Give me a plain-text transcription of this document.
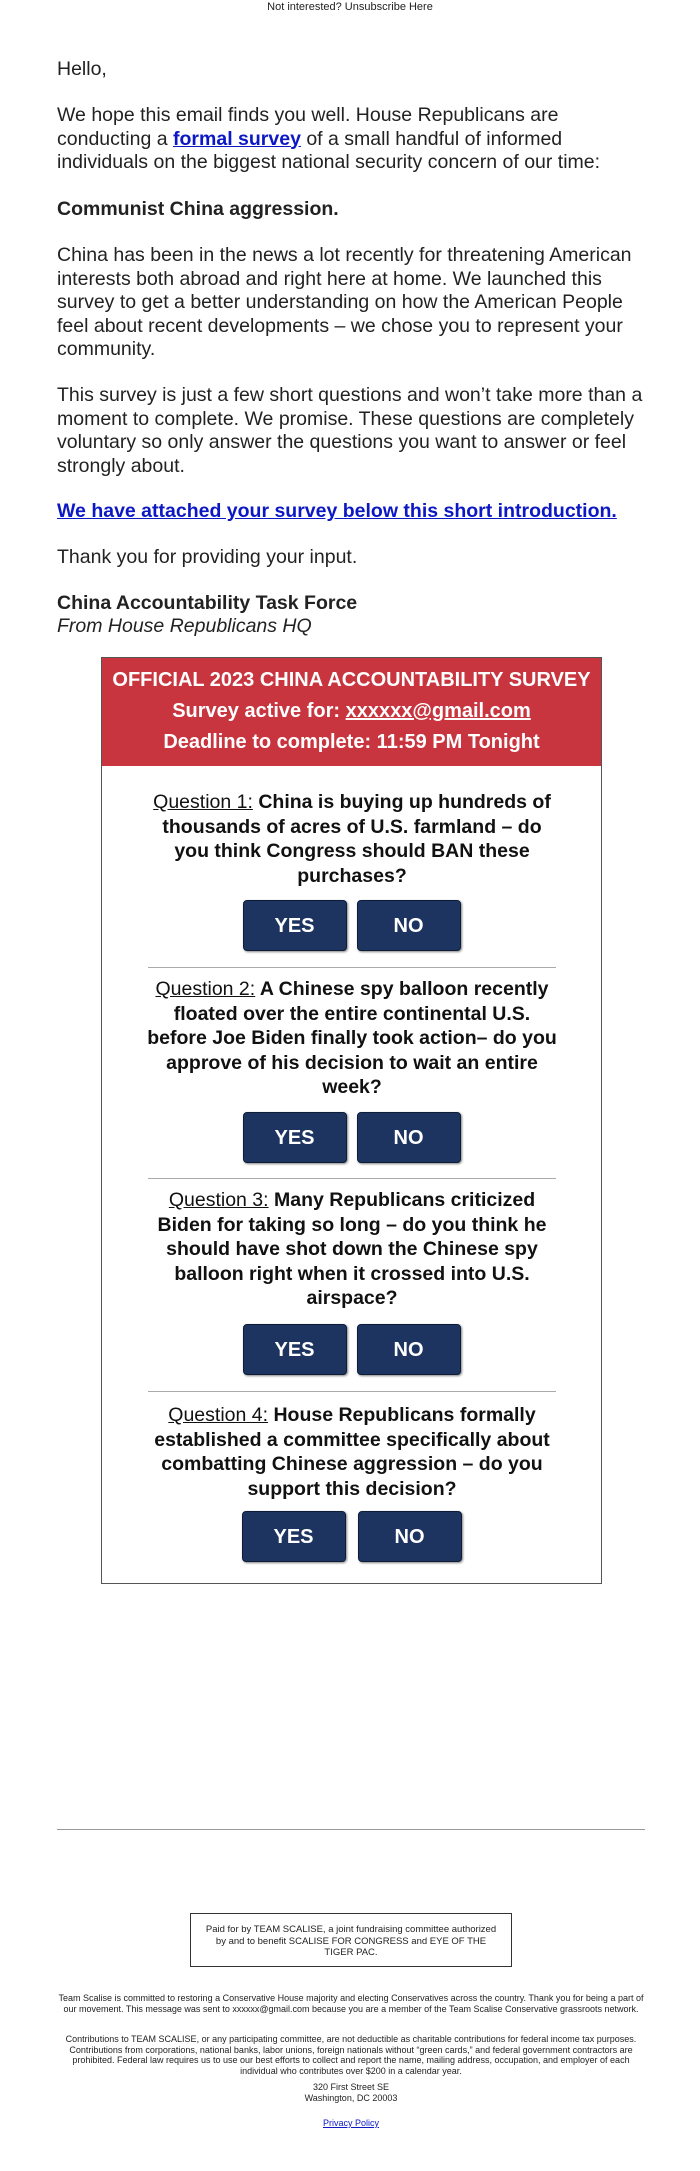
Not interested? Unsubscribe Here

Hello,

We hope this email finds you well. House Republicans are conducting a formal survey of a small handful of informed individuals on the biggest national security concern of our time:

Communist China aggression.

China has been in the news a lot recently for threatening American interests both abroad and right here at home. We launched this survey to get a better understanding on how the American People feel about recent developments – we chose you to represent your community.

This survey is just a few short questions and won’t take more than a moment to complete. We promise. These questions are completely voluntary so only answer the questions you want to answer or feel strongly about.

We have attached your survey below this short introduction.

Thank you for providing your input.

China Accountability Task Force

From House Republicans HQ

OFFICIAL 2023 CHINA ACCOUNTABILITY SURVEY
Survey active for: xxxxxx@gmail.com
Deadline to complete: 11:59 PM Tonight
Question 1: China is buying up hundreds of thousands of acres of U.S. farmland – do you think Congress should BAN these purchases?
YES	NO
Question 2: A Chinese spy balloon recently floated over the entire continental U.S. before Joe Biden finally took action– do you approve of his decision to wait an entire week?
YES	NO
Question 3: Many Republicans criticized Biden for taking so long – do you think he should have shot down the Chinese spy balloon right when it crossed into U.S. airspace?
YES	NO
Question 4: House Republicans formally established a committee specifically about combatting Chinese aggression – do you support this decision?
YES	NO
Paid for by TEAM SCALISE, a joint fundraising committee authorized by and to benefit SCALISE FOR CONGRESS and EYE OF THE TIGER PAC.
Team Scalise is committed to restoring a Conservative House majority and electing Conservatives across the country. Thank you for being a part of our movement. This message was sent to xxxxxx@gmail.com because you are a member of the Team Scalise Conservative grassroots network.
Contributions to TEAM SCALISE, or any participating committee, are not deductible as charitable contributions for federal income tax purposes. Contributions from corporations, national banks, labor unions, foreign nationals without “green cards,” and federal government contractors are prohibited. Federal law requires us to use our best efforts to collect and report the name, mailing address, occupation, and employer of each individual who contributes over $200 in a calendar year.
320 First Street SE
Washington, DC 20003
Privacy Policy
